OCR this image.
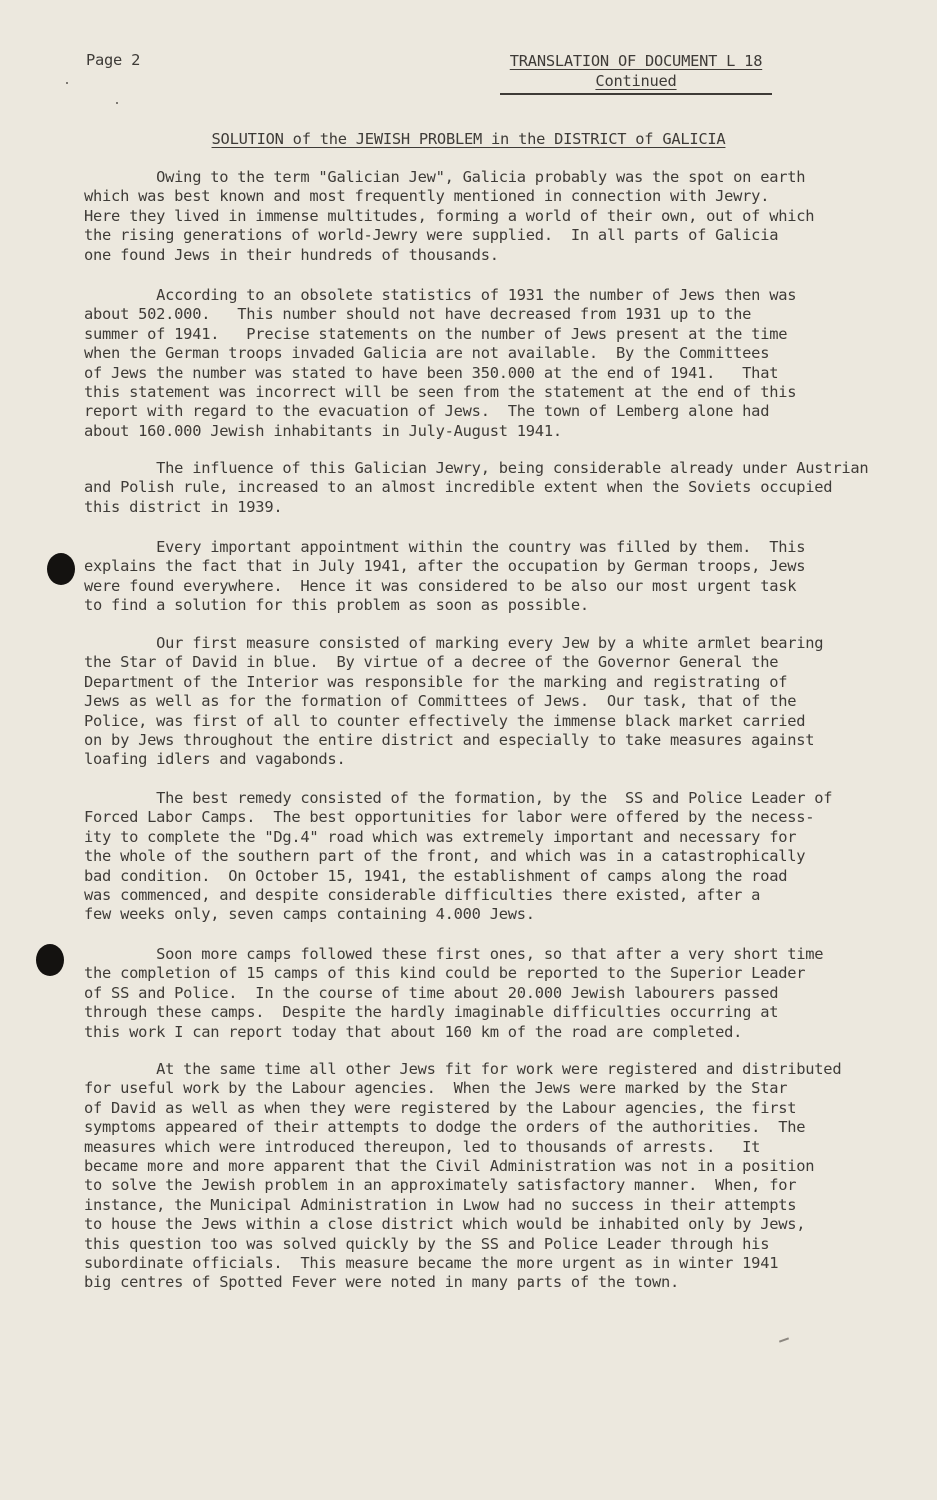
Page 2	TRANSLATION OF DOCUMENT L 18
Continued
SOLUTION of the JEWISH PROBLEM in the DISTRICT of GALICIA
Owing to the term "Galician Jew", Galicia probably was the spot on earth
which was best known and most frequently mentioned in connection with Jewry.
Here they lived in immense multitudes, forming a world of their own, out of which
the rising generations of world-Jewry were supplied.  In all parts of Galicia
one found Jews in their hundreds of thousands.
According to an obsolete statistics of 1931 the number of Jews then was
about 502.000.   This number should not have decreased from 1931 up to the
summer of 1941.   Precise statements on the number of Jews present at the time
when the German troops invaded Galicia are not available.  By the Committees
of Jews the number was stated to have been 350.000 at the end of 1941.   That
this statement was incorrect will be seen from the statement at the end of this
report with regard to the evacuation of Jews.  The town of Lemberg alone had
about 160.000 Jewish inhabitants in July-August 1941.
The influence of this Galician Jewry, being considerable already under Austrian
and Polish rule, increased to an almost incredible extent when the Soviets occupied
this district in 1939.
Every important appointment within the country was filled by them.  This
explains the fact that in July 1941, after the occupation by German troops, Jews
were found everywhere.  Hence it was considered to be also our most urgent task
to find a solution for this problem as soon as possible.
Our first measure consisted of marking every Jew by a white armlet bearing
the Star of David in blue.  By virtue of a decree of the Governor General the
Department of the Interior was responsible for the marking and registrating of
Jews as well as for the formation of Committees of Jews.  Our task, that of the
Police, was first of all to counter effectively the immense black market carried
on by Jews throughout the entire district and especially to take measures against
loafing idlers and vagabonds.
The best remedy consisted of the formation, by the  SS and Police Leader of
Forced Labor Camps.  The best opportunities for labor were offered by the necess-
ity to complete the "Dg.4" road which was extremely important and necessary for
the whole of the southern part of the front, and which was in a catastrophically
bad condition.  On October 15, 1941, the establishment of camps along the road
was commenced, and despite considerable difficulties there existed, after a
few weeks only, seven camps containing 4.000 Jews.
Soon more camps followed these first ones, so that after a very short time
the completion of 15 camps of this kind could be reported to the Superior Leader
of SS and Police.  In the course of time about 20.000 Jewish labourers passed
through these camps.  Despite the hardly imaginable difficulties occurring at
this work I can report today that about 160 km of the road are completed.
At the same time all other Jews fit for work were registered and distributed
for useful work by the Labour agencies.  When the Jews were marked by the Star
of David as well as when they were registered by the Labour agencies, the first
symptoms appeared of their attempts to dodge the orders of the authorities.  The
measures which were introduced thereupon, led to thousands of arrests.   It
became more and more apparent that the Civil Administration was not in a position
to solve the Jewish problem in an approximately satisfactory manner.  When, for
instance, the Municipal Administration in Lwow had no success in their attempts
to house the Jews within a close district which would be inhabited only by Jews,
this question too was solved quickly by the SS and Police Leader through his
subordinate officials.  This measure became the more urgent as in winter 1941
big centres of Spotted Fever were noted in many parts of the town.
